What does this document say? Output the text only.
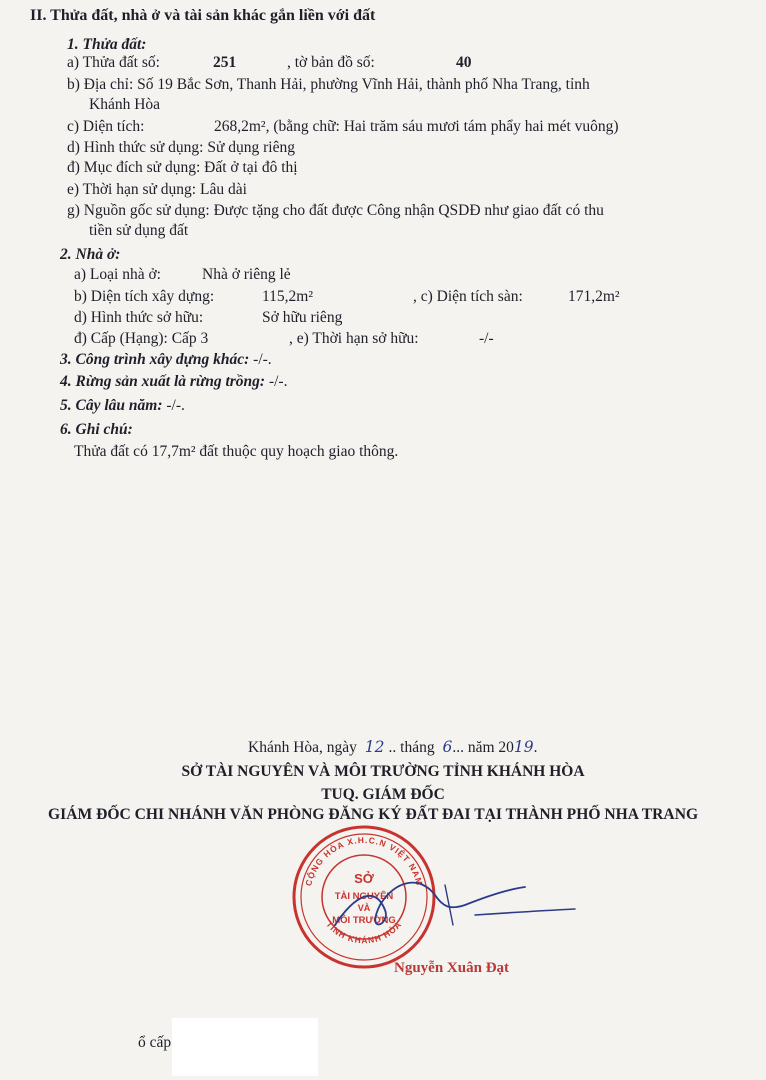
II. Thửa đất, nhà ở và tài sản khác gắn liền với đất
1. Thửa đất:
a) Thửa đất số:	251	, tờ bản đồ số:	40
b) Địa chỉ: Số 19 Bắc Sơn, Thanh Hải, phường Vĩnh Hải, thành phố Nha Trang, tỉnh
Khánh Hòa
c) Diện tích:	268,2m², (bằng chữ: Hai trăm sáu mươi tám phẩy hai mét vuông)
d) Hình thức sử dụng: Sử dụng riêng
đ) Mục đích sử dụng: Đất ở tại đô thị
e) Thời hạn sử dụng: Lâu dài
g) Nguồn gốc sử dụng: Được tặng cho đất được Công nhận QSDĐ như giao đất có thu
tiền sử dụng đất
2. Nhà ở:
a) Loại nhà ở:	Nhà ở riêng lẻ
b) Diện tích xây dựng:	115,2m²	, c) Diện tích sàn:	171,2m²
d) Hình thức sở hữu:	Sở hữu riêng
đ) Cấp (Hạng): Cấp 3	, e) Thời hạn sở hữu:	-/-
3. Công trình xây dựng khác: -/-.
4. Rừng sản xuất là rừng trồng: -/-.
5. Cây lâu năm: -/-.
6. Ghi chú:
Thửa đất có 17,7m² đất thuộc quy hoạch giao thông.
Khánh Hòa, ngày 12 .. tháng 6... năm 2019.
SỞ TÀI NGUYÊN VÀ MÔI TRƯỜNG TỈNH KHÁNH HÒA
TUQ. GIÁM ĐỐC
GIÁM ĐỐC CHI NHÁNH VĂN PHÒNG ĐĂNG KÝ ĐẤT ĐAI TẠI THÀNH PHỐ NHA TRANG
CỘNG HÒA X.H.C.N VIỆT NAM
TỈNH KHÁNH HÒA
SỞ
TÀI NGUYÊN
VÀ
MÔI TRƯỜNG
Nguyễn Xuân Đạt
ổ cấp
